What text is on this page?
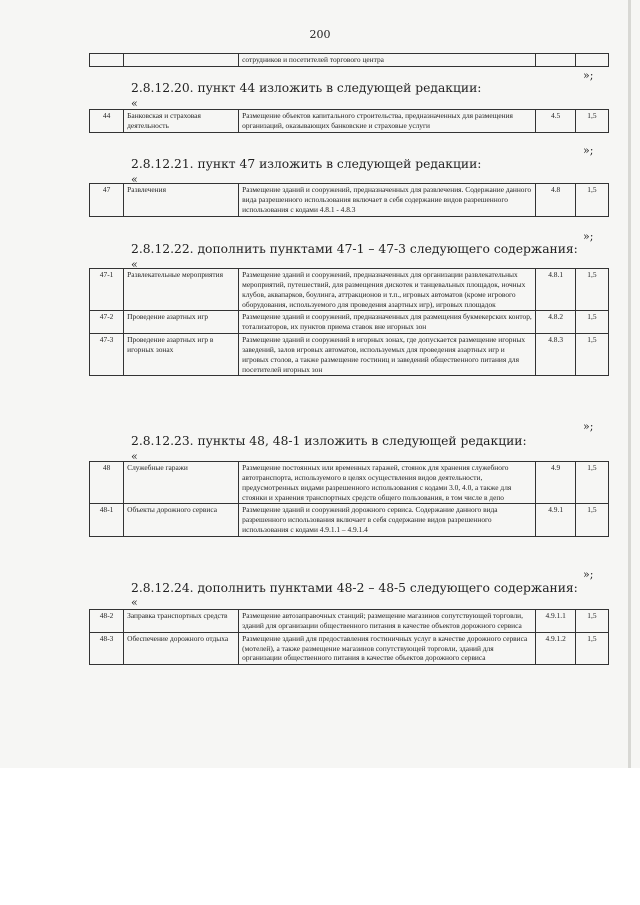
200
		сотрудников и посетителей торгового центра		
»;
2.8.12.20. пункт 44 изложить в следующей редакции:
«
44	Банковская и страховая деятельность	Размещение объектов капитального строительства, предназначенных для размещения организаций, оказывающих банковские и страховые услуги	4.5	1,5
»;
2.8.12.21. пункт 47 изложить в следующей редакции:
«
47	Развлечения	Размещение зданий и сооружений, предназначенных для развлечения. Содержание данного вида разрешенного использования включает в себя содержание видов разрешенного использования с кодами 4.8.1 - 4.8.3	4.8	1,5
»;
2.8.12.22. дополнить пунктами 47-1 – 47-3 следующего содержания:
«
47-1	Развлекательные мероприятия	Размещение зданий и сооружений, предназначенных для организации развлекательных мероприятий, путешествий, для размещения дискотек и танцевальных площадок, ночных клубов, аквапарков, боулинга, аттракционов и т.п., игровых автоматов (кроме игрового оборудования, используемого для проведения азартных игр), игровых площадок	4.8.1	1,5
47-2	Проведение азартных игр	Размещение зданий и сооружений, предназначенных для размещения букмекерских контор, тотализаторов, их пунктов приема ставок вне игорных зон	4.8.2	1,5
47-3	Проведение азартных игр в игорных зонах	Размещение зданий и сооружений в игорных зонах, где допускается размещение игорных заведений, залов игровых автоматов, используемых для проведения азартных игр и игровых столов, а также размещение гостиниц и заведений общественного питания для посетителей игорных зон	4.8.3	1,5
»;
2.8.12.23. пункты 48, 48-1 изложить в следующей редакции:
«
48	Служебные гаражи	Размещение постоянных или временных гаражей, стоянок для хранения служебного автотранспорта, используемого в целях осуществления видов деятельности, предусмотренных видами разрешенного использования с кодами 3.0, 4.0, а также для стоянки и хранения транспортных средств общего пользования, в том числе в депо	4.9	1,5
48-1	Объекты дорожного сервиса	Размещение зданий и сооружений дорожного сервиса. Содержание данного вида разрешенного использования включает в себя содержание видов разрешенного использования с кодами 4.9.1.1 – 4.9.1.4	4.9.1	1,5
»;
2.8.12.24. дополнить пунктами 48-2 – 48-5 следующего содержания:
«
48-2	Заправка транспортных средств	Размещение автозаправочных станций; размещение магазинов сопутствующей торговли, зданий для организации общественного питания в качестве объектов дорожного сервиса	4.9.1.1	1,5
48-3	Обеспечение дорожного отдыха	Размещение зданий для предоставления гостиничных услуг в качестве дорожного сервиса (мотелей), а также размещение магазинов сопутствующей торговли, зданий для организации общественного питания в качестве объектов дорожного сервиса	4.9.1.2	1,5
